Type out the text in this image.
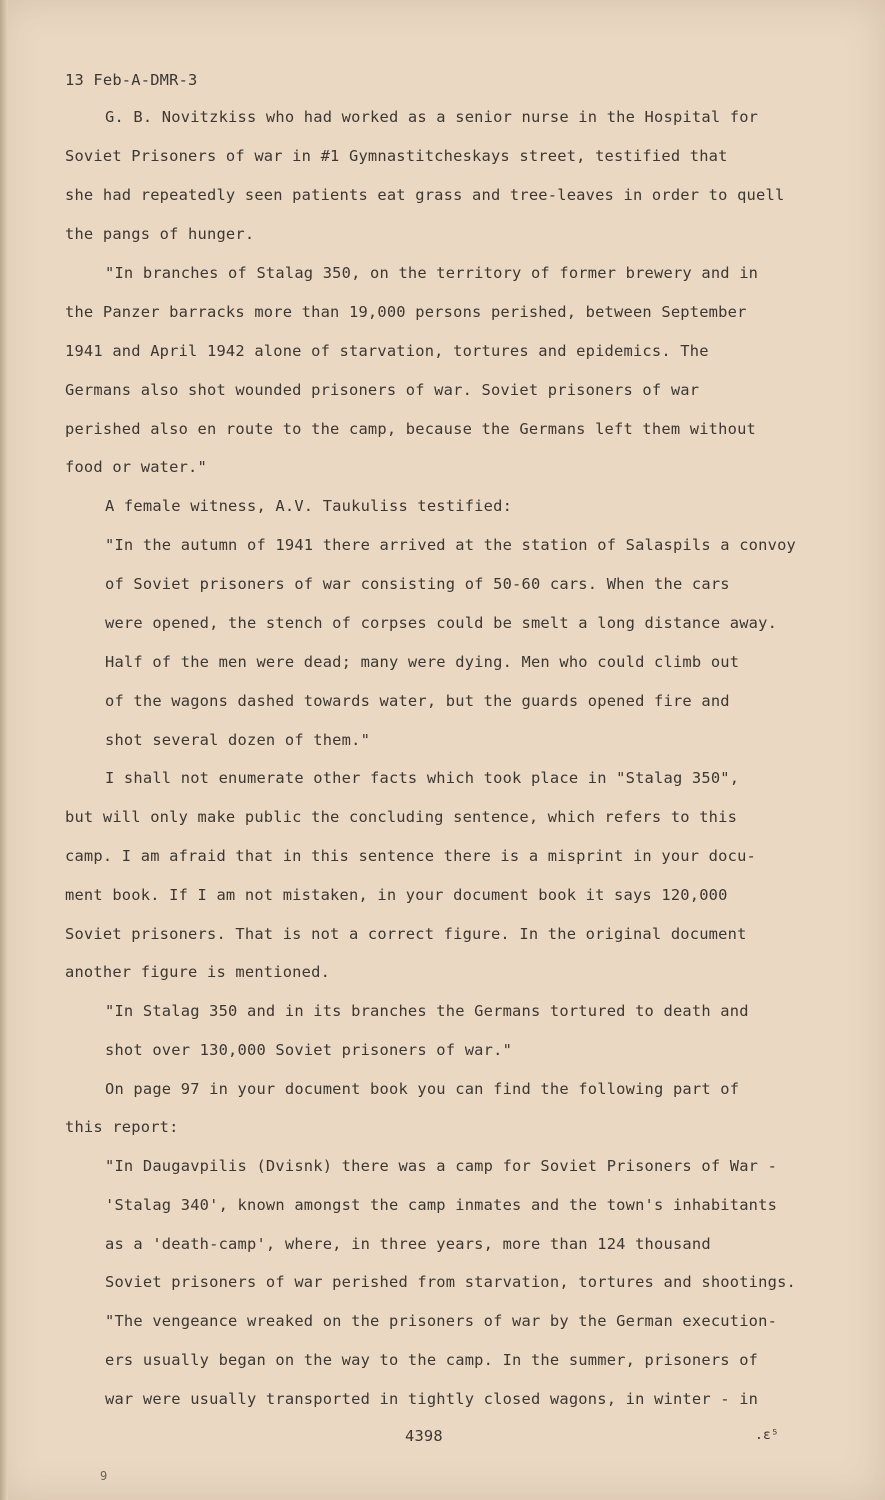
13 Feb-A-DMR-3
G. B. Novitzkiss who had worked as a senior nurse in the Hospital for
Soviet Prisoners of war in #1 Gymnastitcheskays street, testified that
she had repeatedly seen patients eat grass and tree-leaves in order to quell
the pangs of hunger.
"In branches of Stalag 350, on the territory of former brewery and in
the Panzer barracks more than 19,000 persons perished, between September
1941 and April 1942 alone of starvation, tortures and epidemics. The
Germans also shot wounded prisoners of war. Soviet prisoners of war
perished also en route to the camp, because the Germans left them without
food or water."
A female witness, A.V. Taukuliss testified:
"In the autumn of 1941 there arrived at the station of Salaspils a convoy
of Soviet prisoners of war consisting of 50-60 cars. When the cars
were opened, the stench of corpses could be smelt a long distance away.
Half of the men were dead; many were dying. Men who could climb out
of the wagons dashed towards water, but the guards opened fire and
shot several dozen of them."
I shall not enumerate other facts which took place in "Stalag 350",
but will only make public the concluding sentence, which refers to this
camp. I am afraid that in this sentence there is a misprint in your docu-
ment book. If I am not mistaken, in your document book it says 120,000
Soviet prisoners. That is not a correct figure. In the original document
another figure is mentioned.
"In Stalag 350 and in its branches the Germans tortured to death and
shot over 130,000 Soviet prisoners of war."
On page 97 in your document book you can find the following part of
this report:
"In Daugavpilis (Dvisnk) there was a camp for Soviet Prisoners of War -
'Stalag 340', known amongst the camp inmates and the town's inhabitants
as a 'death-camp', where, in three years, more than 124 thousand
Soviet prisoners of war perished from starvation, tortures and shootings.
"The vengeance wreaked on the prisoners of war by the German execution-
ers usually began on the way to the camp. In the summer, prisoners of
war were usually transported in tightly closed wagons, in winter - in
4398	.ε⁵
9
